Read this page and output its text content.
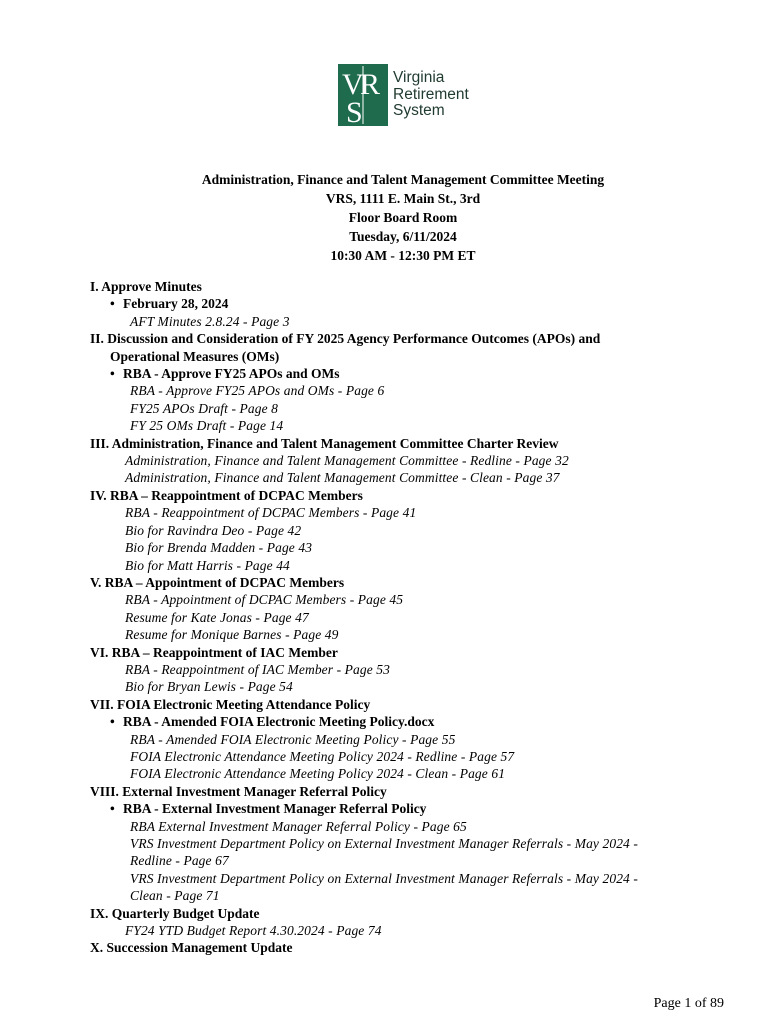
V
R
S
Virginia
Retirement
System
Administration, Finance and Talent Management Committee Meeting
VRS, 1111 E. Main St., 3rd
Floor Board Room
Tuesday, 6/11/2024
10:30 AM - 12:30 PM ET
I. Approve Minutes
• February 28, 2024
AFT Minutes 2.8.24 - Page 3
II. Discussion and Consideration of FY 2025 Agency Performance Outcomes (APOs) and
Operational Measures (OMs)
• RBA - Approve FY25 APOs and OMs
RBA - Approve FY25 APOs and OMs - Page 6
FY25 APOs Draft - Page 8
FY 25 OMs Draft - Page 14
III. Administration, Finance and Talent Management Committee Charter Review
Administration, Finance and Talent Management Committee - Redline - Page 32
Administration, Finance and Talent Management Committee - Clean - Page 37
IV. RBA – Reappointment of DCPAC Members
RBA - Reappointment of DCPAC Members - Page 41
Bio for Ravindra Deo - Page 42
Bio for Brenda Madden - Page 43
Bio for Matt Harris - Page 44
V. RBA – Appointment of DCPAC Members
RBA - Appointment of DCPAC Members - Page 45
Resume for Kate Jonas - Page 47
Resume for Monique Barnes - Page 49
VI. RBA – Reappointment of IAC Member
RBA - Reappointment of IAC Member - Page 53
Bio for Bryan Lewis - Page 54
VII. FOIA Electronic Meeting Attendance Policy
• RBA - Amended FOIA Electronic Meeting Policy.docx
RBA - Amended FOIA Electronic Meeting Policy - Page 55
FOIA Electronic Attendance Meeting Policy 2024 - Redline - Page 57
FOIA Electronic Attendance Meeting Policy 2024 - Clean - Page 61
VIII. External Investment Manager Referral Policy
• RBA - External Investment Manager Referral Policy
RBA External Investment Manager Referral Policy - Page 65
VRS Investment Department Policy on External Investment Manager Referrals - May 2024 -
Redline - Page 67
VRS Investment Department Policy on External Investment Manager Referrals - May 2024 -
Clean - Page 71
IX. Quarterly Budget Update
FY24 YTD Budget Report 4.30.2024 - Page 74
X. Succession Management Update
Page 1 of 89
